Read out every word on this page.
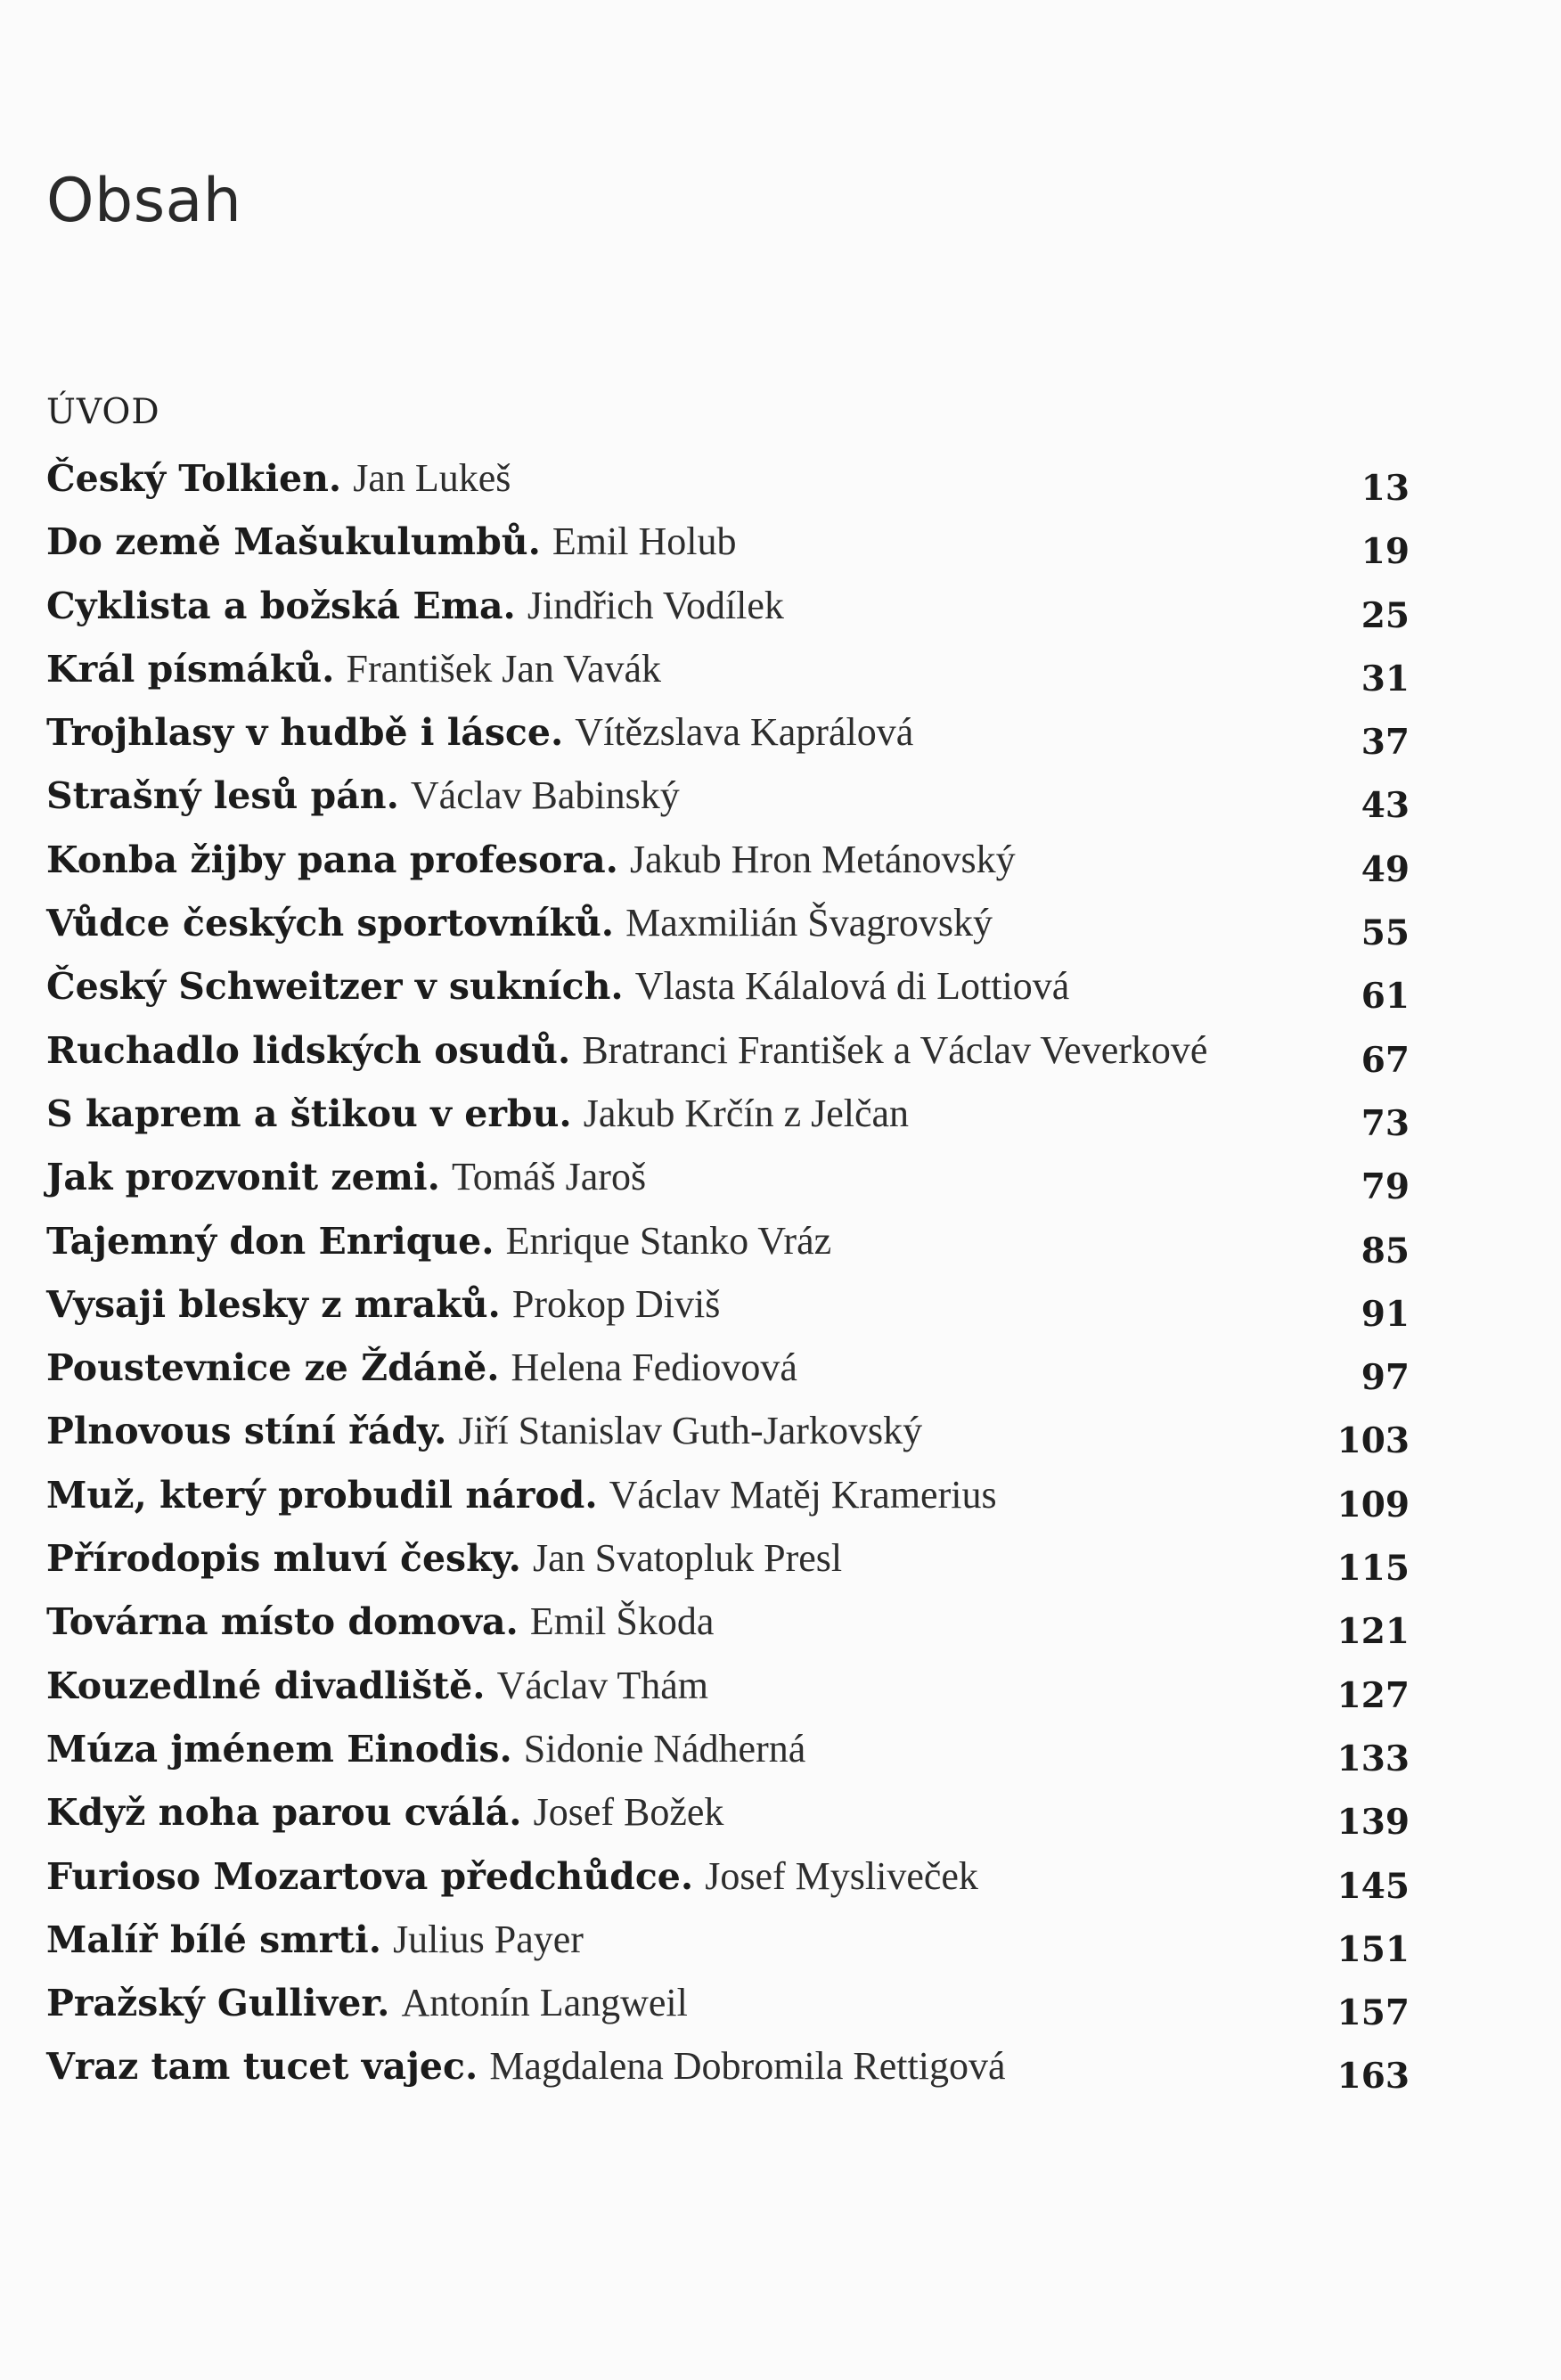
Obsah
ÚVOD
Český Tolkien. Jan Lukeš	13
Do země Mašukulumbů. Emil Holub	19
Cyklista a božská Ema. Jindřich Vodílek	25
Král písmáků. František Jan Vavák	31
Trojhlasy v hudbě i lásce. Vítězslava Kaprálová	37
Strašný lesů pán. Václav Babinský	43
Konba žijby pana profesora. Jakub Hron Metánovský	49
Vůdce českých sportovníků. Maxmilián Švagrovský	55
Český Schweitzer v sukních. Vlasta Kálalová di Lottiová	61
Ruchadlo lidských osudů. Bratranci František a Václav Veverkové	67
S kaprem a štikou v erbu. Jakub Krčín z Jelčan	73
Jak prozvonit zemi. Tomáš Jaroš	79
Tajemný don Enrique. Enrique Stanko Vráz	85
Vysaji blesky z mraků. Prokop Diviš	91
Poustevnice ze Ždáně. Helena Fediovová	97
Plnovous stíní řády. Jiří Stanislav Guth-Jarkovský	103
Muž, který probudil národ. Václav Matěj Kramerius	109
Přírodopis mluví česky. Jan Svatopluk Presl	115
Továrna místo domova. Emil Škoda	121
Kouzedlné divadliště. Václav Thám	127
Múza jménem Einodis. Sidonie Nádherná	133
Když noha parou cválá. Josef Božek	139
Furioso Mozartova předchůdce. Josef Mysliveček	145
Malíř bílé smrti. Julius Payer	151
Pražský Gulliver. Antonín Langweil	157
Vraz tam tucet vajec. Magdalena Dobromila Rettigová	163
